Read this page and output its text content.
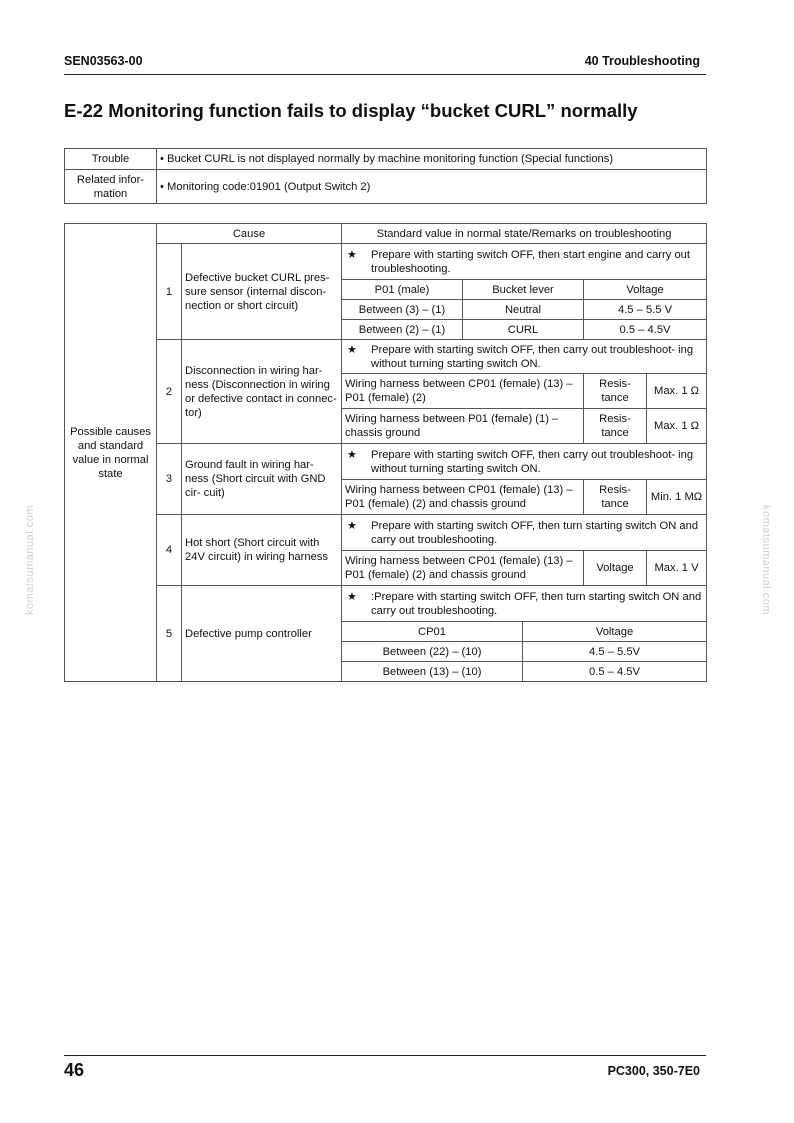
SEN03563-00	40 Troubleshooting
E-22 Monitoring function fails to display “bucket CURL” normally
Trouble	• Bucket CURL is not displayed normally by machine monitoring function (Special functions)
Related infor- mation	• Monitoring code:01901 (Output Switch 2)
Possible causes and standard value in normal state	Cause		Standard value in normal state/Remarks on troubleshooting				
	1	Defective bucket CURL pres- sure sensor (internal discon- nection or short circuit)	★ Prepare with starting switch OFF, then start engine and carry out troubleshooting.				

			P01 (male)	Bucket lever		Voltage	
			Between (3) – (1)	Neutral		4.5 – 5.5 V	
			Between (2) – (1)	CURL		0.5 – 4.5V	
	2	Disconnection in wiring har- ness (Disconnection in wiring or defective contact in connec- tor)	★ Prepare with starting switch OFF, then carry out troubleshoot- ing without turning starting switch ON.				

			Wiring harness between CP01 (female) (13) – P01 (female) (2)			Resis- tance	Max. 1 Ω
			Wiring harness between P01 (female) (1) – chassis ground			Resis- tance	Max. 1 Ω
	3	Ground fault in wiring har- ness (Short circuit with GND cir- cuit)	★ Prepare with starting switch OFF, then carry out troubleshoot- ing without turning starting switch ON.				

			Wiring harness between CP01 (female) (13) – P01 (female) (2) and chassis ground			Resis- tance	Min. 1 MΩ
	4	Hot short (Short circuit with 24V circuit) in wiring harness	★ Prepare with starting switch OFF, then turn starting switch ON and carry out troubleshooting.				

			Wiring harness between CP01 (female) (13) – P01 (female) (2) and chassis ground			Voltage	Max. 1 V
	5	Defective pump controller	★ :Prepare with starting switch OFF, then turn starting switch ON and carry out troubleshooting.				

			CP01		Voltage		
			Between (22) – (10)		4.5 – 5.5V		
			Between (13) – (10)		0.5 – 4.5V		
komatsumanual.com	komatsumanual.com
46	PC300, 350-7E0
